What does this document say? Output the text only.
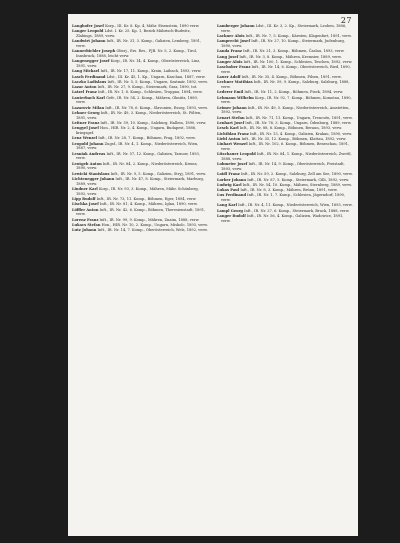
27
Langhofer Josef Korp., III. Kr. 8. Kp. 4, Mähr. Eisenstein, 1890 verw.
Langer Leopold Ldst. I. Kr. 25. Kp. 1, Bezirk Mährisch-Budwitz, Zlabings, 1889, verw.
Landwirt Johann Inft., IR. Nr. 31, 3. Komp., Galizien, Lemberg, 1891, verw.
Lannerbichler Joseph Oberj., Ers. Res., FJB. Nr. 5, 2. Komp., Tirol, Innsbruck, 1888, leicht verw.
Langenegger Josef Korp., IR. Nr. 14, 4. Komp., Oberösterreich, Linz, 1891, verw.
Lang Michael Inft., IR. Nr. 17, 11. Komp., Krain, Laibach, 1893, verw.
Lasch Ferdinand Ldst., III. Kr. 45, 1. Kp., Ungarn, Kaschau, 1887, verw.
Laczko Ladislaus Inft., IR. Nr. 5, 5. Komp., Ungarn, Szatmár, 1892, verw.
Lazar Anton Inft., IR. Nr. 27, 9. Komp., Steiermark, Graz, 1890, tot.
Latzel Franz Inft., IR. Nr. 1, 8. Komp., Schlesien, Troppau, 1894, verw.
Lauterbach Karl Gefr., IR. Nr. 54, 2. Komp., Mähren, Olmütz, 1889, verw.
Lazarovic Milan Inft., IR. Nr. 78, 6. Komp., Slavonien, Esseg, 1893, verw.
Lehner Georg Inft., IR. Nr. 49, 3. Komp., Niederösterreich, St. Pölten, 1891, verw.
Leitner Franz Inft., IR. Nr. 59, 10. Komp., Salzburg, Hallein, 1890, verw.
Lengyel Josef Hon., HIR. Nr. 2, 4. Komp., Ungarn, Budapest, 1888, kriegsgef.
Lenz Wenzel Inft., IR. Nr. 28, 7. Komp., Böhmen, Prag, 1892, verw.
Leopold Johann Zugsf., IR. Nr. 4, 1. Komp., Niederösterreich, Wien, 1887, verw.
Lesniak Andreas Inft., IR. Nr. 57, 12. Komp., Galizien, Tarnow, 1893, verw.
Leutgeb Anton Inft., IR. Nr. 84, 2. Komp., Niederösterreich, Krems, 1890, verw.
Lewicki Stanislaus Inft., IR. Nr. 9, 5. Komp., Galizien, Stryj, 1891, verw.
Lichtenegger Johann Inft., IR. Nr. 47, 8. Komp., Steiermark, Marburg, 1889, verw.
Lindner Karl Korp., IR. Nr. 93, 3. Komp., Mähren, Mähr. Schönberg, 1892, verw.
Lipp Rudolf Inft., IR. Nr. 73, 11. Komp., Böhmen, Eger, 1894, verw.
Lischka Josef Inft., IR. Nr. 81, 4. Komp., Mähren, Iglau, 1890, verw.
Löffler Anton Inft., IR. Nr. 42, 6. Komp., Böhmen, Theresienstadt, 1891, verw.
Lorenz Franz Inft., IR. Nr. 99, 9. Komp., Mähren, Znaim, 1888, verw.
Lukacs Stefan Hon., HIR. Nr. 10, 2. Komp., Ungarn, Miskolc, 1893, verw.
Lutz Johann Inft., IR. Nr. 14, 7. Komp., Oberösterreich, Wels, 1892, verw.
Lamberger Johann Ldst., III. Kr. 3, 2. Kp., Steiermark, Leoben, 1886, verw.
Lackner Alois Inft., IR. Nr. 7, 5. Komp., Kärnten, Klagenfurt, 1891, verw.
Lamprecht Josef Inft., IR. Nr. 27, 10. Komp., Steiermark, Judenburg, 1890, verw.
Landa Franz Inft., IR. Nr. 21, 3. Komp., Böhmen, Časlau, 1893, verw.
Lang Josef Inft., IR. Nr. 3, 8. Komp., Mähren, Kremsier, 1889, verw.
Langer Alois Inft., IR. Nr. 100, 1. Komp., Schlesien, Teschen, 1892, verw.
Laschober Franz Inft., IR. Nr. 14, 6. Komp., Oberösterreich, Ried, 1890, verw.
Lauer Adolf Inft., IR. Nr. 35, 4. Komp., Böhmen, Pilsen, 1891, verw.
Lechner Matthias Inft., IR. Nr. 59, 9. Komp., Salzburg, Salzburg, 1888, verw.
Lederer Emil Inft., IR. Nr. 11, 2. Komp., Böhmen, Pisek, 1894, verw.
Lehmann Wilhelm Korp., IR. Nr. 92, 7. Komp., Böhmen, Komotau, 1890, verw.
Leimer Johann Inft., IR. Nr. 49, 5. Komp., Niederösterreich, Amstetten, 1892, verw.
Lenart Stefan Inft., IR. Nr. 71, 11. Komp., Ungarn, Trencsén, 1891, verw.
Lenhart Josef Inft., IR. Nr. 76, 3. Komp., Ungarn, Ödenburg, 1889, verw.
Lesch Karl Inft., IR. Nr. 88, 8. Komp., Böhmen, Beraun, 1893, verw.
Lichtblau Franz Inft., IR. Nr. 13, 4. Komp., Galizien, Krakau, 1890, verw.
Liebl Anton Inft., IR. Nr. 35, 12. Komp., Böhmen, Klattau, 1892, verw.
Linhart Wenzel Inft., IR. Nr. 102, 6. Komp., Böhmen, Beneschau, 1891, verw.
Litschauer Leopold Inft., IR. Nr. 84, 1. Komp., Niederösterreich, Zwettl, 1888, verw.
Lobmeier Josef Inft., IR. Nr. 14, 9. Komp., Oberösterreich, Freistadt, 1893, verw.
Loidl Franz Inft., IR. Nr. 59, 2. Komp., Salzburg, Zell am See, 1890, verw.
Lorber Johann Inft., IR. Nr. 87, 5. Komp., Steiermark, Cilli, 1892, verw.
Ludwig Karl Inft., IR. Nr. 54, 10. Komp., Mähren, Sternberg, 1889, verw.
Lukas Paul Inft., IR. Nr. 8, 3. Komp., Mähren, Brünn, 1891, verw.
Lux Ferdinand Inft., IR. Nr. 1, 7. Komp., Schlesien, Jägerndorf, 1890, verw.
Lang Karl Inft., IR. Nr. 4, 11. Komp., Niederösterreich, Wien, 1893, verw.
Lampl Georg Inft., IR. Nr. 27, 6. Komp., Steiermark, Bruck, 1888, verw.
Langer Rudolf Inft., IR. Nr. 56, 4. Komp., Galizien, Wadowice, 1891, verw.
